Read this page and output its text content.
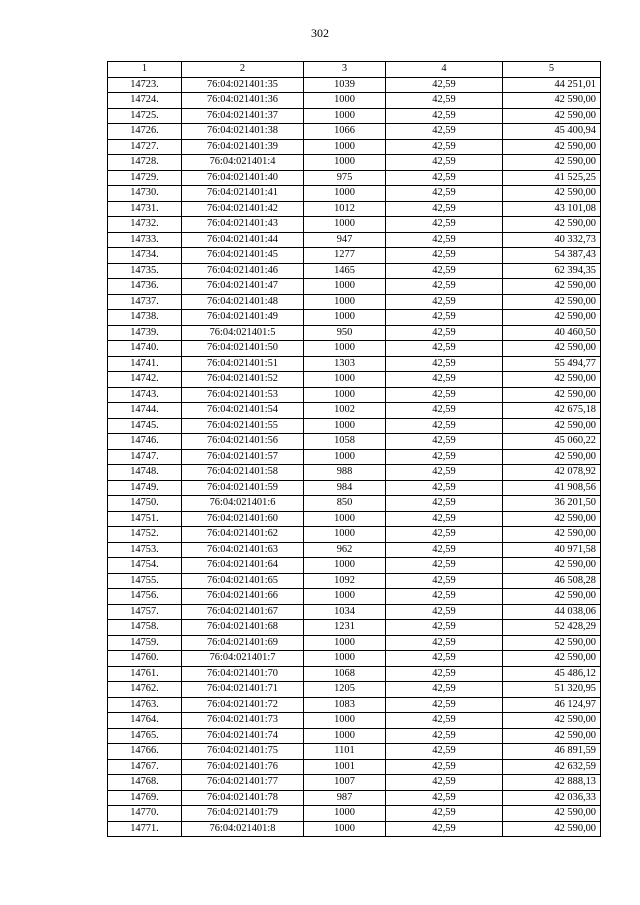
302
1	2	3	4	5
14723.	76:04:021401:35	1039	42,59	44 251,01
14724.	76:04:021401:36	1000	42,59	42 590,00
14725.	76:04:021401:37	1000	42,59	42 590,00
14726.	76:04:021401:38	1066	42,59	45 400,94
14727.	76:04:021401:39	1000	42,59	42 590,00
14728.	76:04:021401:4	1000	42,59	42 590,00
14729.	76:04:021401:40	975	42,59	41 525,25
14730.	76:04:021401:41	1000	42,59	42 590,00
14731.	76:04:021401:42	1012	42,59	43 101,08
14732.	76:04:021401:43	1000	42,59	42 590,00
14733.	76:04:021401:44	947	42,59	40 332,73
14734.	76:04:021401:45	1277	42,59	54 387,43
14735.	76:04:021401:46	1465	42,59	62 394,35
14736.	76:04:021401:47	1000	42,59	42 590,00
14737.	76:04:021401:48	1000	42,59	42 590,00
14738.	76:04:021401:49	1000	42,59	42 590,00
14739.	76:04:021401:5	950	42,59	40 460,50
14740.	76:04:021401:50	1000	42,59	42 590,00
14741.	76:04:021401:51	1303	42,59	55 494,77
14742.	76:04:021401:52	1000	42,59	42 590,00
14743.	76:04:021401:53	1000	42,59	42 590,00
14744.	76:04:021401:54	1002	42,59	42 675,18
14745.	76:04:021401:55	1000	42,59	42 590,00
14746.	76:04:021401:56	1058	42,59	45 060,22
14747.	76:04:021401:57	1000	42,59	42 590,00
14748.	76:04:021401:58	988	42,59	42 078,92
14749.	76:04:021401:59	984	42,59	41 908,56
14750.	76:04:021401:6	850	42,59	36 201,50
14751.	76:04:021401:60	1000	42,59	42 590,00
14752.	76:04:021401:62	1000	42,59	42 590,00
14753.	76:04:021401:63	962	42,59	40 971,58
14754.	76:04:021401:64	1000	42,59	42 590,00
14755.	76:04:021401:65	1092	42,59	46 508,28
14756.	76:04:021401:66	1000	42,59	42 590,00
14757.	76:04:021401:67	1034	42,59	44 038,06
14758.	76:04:021401:68	1231	42,59	52 428,29
14759.	76:04:021401:69	1000	42,59	42 590,00
14760.	76:04:021401:7	1000	42,59	42 590,00
14761.	76:04:021401:70	1068	42,59	45 486,12
14762.	76:04:021401:71	1205	42,59	51 320,95
14763.	76:04:021401:72	1083	42,59	46 124,97
14764.	76:04:021401:73	1000	42,59	42 590,00
14765.	76:04:021401:74	1000	42,59	42 590,00
14766.	76:04:021401:75	1101	42,59	46 891,59
14767.	76:04:021401:76	1001	42,59	42 632,59
14768.	76:04:021401:77	1007	42,59	42 888,13
14769.	76:04:021401:78	987	42,59	42 036,33
14770.	76:04:021401:79	1000	42,59	42 590,00
14771.	76:04:021401:8	1000	42,59	42 590,00
